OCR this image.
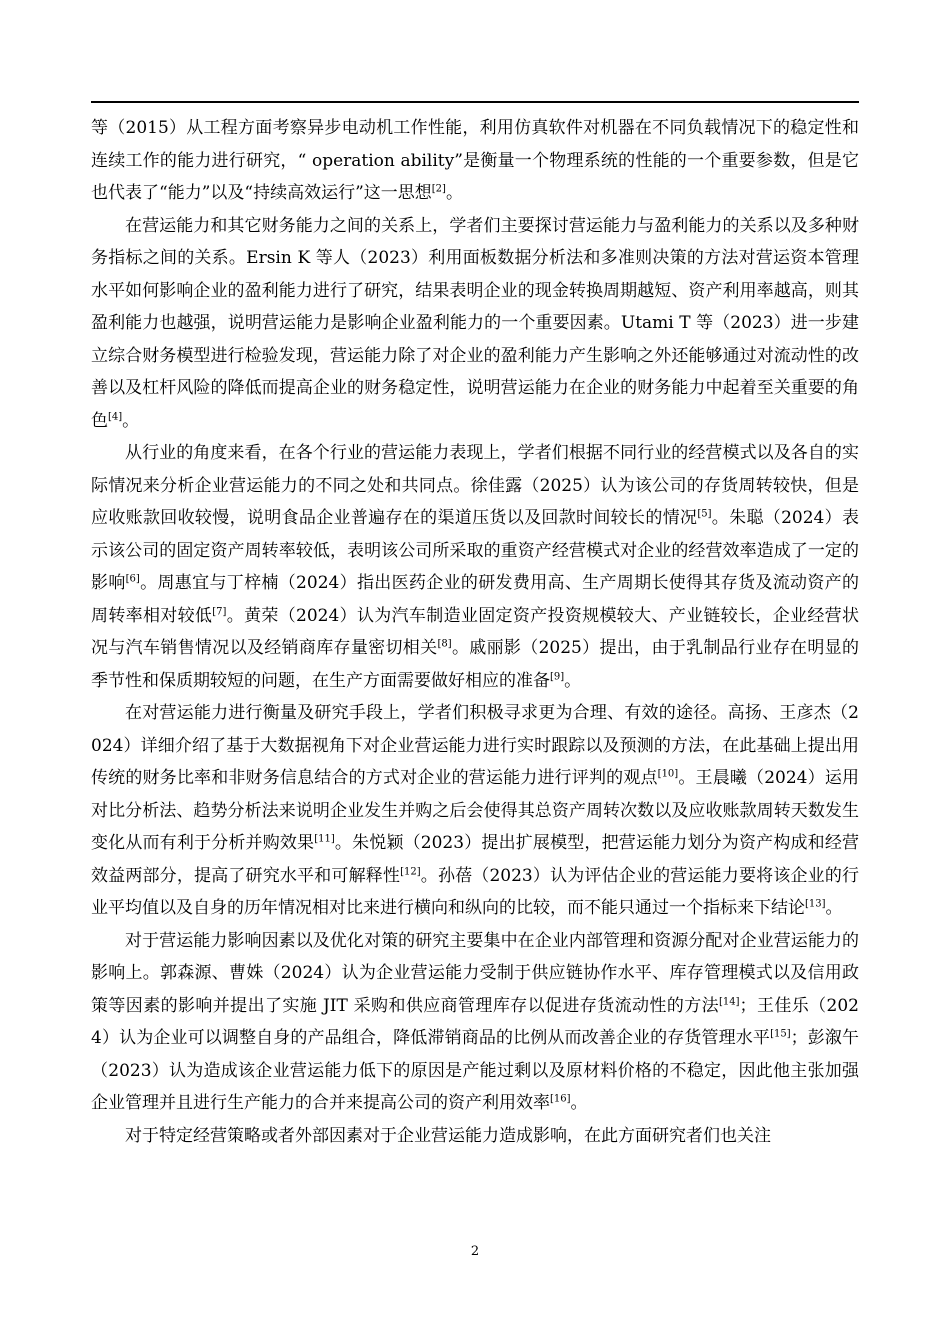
等（2015）从工程方面考察异步电动机工作性能，利用仿真软件对机器在不同负载情况下的稳定性和连续工作的能力进行研究，“ operation ability”是衡量一个物理系统的性能的一个重要参数，但是它也代表了“能力”以及“持续高效运行”这一思想[2]。

在营运能力和其它财务能力之间的关系上，学者们主要探讨营运能力与盈利能力的关系以及多种财务指标之间的关系。Ersin K 等人（2023）利用面板数据分析法和多准则决策的方法对营运资本管理水平如何影响企业的盈利能力进行了研究，结果表明企业的现金转换周期越短、资产利用率越高，则其盈利能力也越强，说明营运能力是影响企业盈利能力的一个重要因素。Utami T 等（2023）进一步建立综合财务模型进行检验发现，营运能力除了对企业的盈利能力产生影响之外还能够通过对流动性的改善以及杠杆风险的降低而提高企业的财务稳定性，说明营运能力在企业的财务能力中起着至关重要的角色[4]。

从行业的角度来看，在各个行业的营运能力表现上，学者们根据不同行业的经营模式以及各自的实际情况来分析企业营运能力的不同之处和共同点。徐佳露（2025）认为该公司的存货周转较快，但是应收账款回收较慢，说明食品企业普遍存在的渠道压货以及回款时间较长的情况[5]。朱聪（2024）表示该公司的固定资产周转率较低，表明该公司所采取的重资产经营模式对企业的经营效率造成了一定的影响[6]。周惠宜与丁梓楠（2024）指出医药企业的研发费用高、生产周期长使得其存货及流动资产的周转率相对较低[7]。黄荣（2024）认为汽车制造业固定资产投资规模较大、产业链较长，企业经营状况与汽车销售情况以及经销商库存量密切相关[8]。戚丽影（2025）提出，由于乳制品行业存在明显的季节性和保质期较短的问题，在生产方面需要做好相应的准备[9]。

在对营运能力进行衡量及研究手段上，学者们积极寻求更为合理、有效的途径。高扬、王彦杰（2024）详细介绍了基于大数据视角下对企业营运能力进行实时跟踪以及预测的方法，在此基础上提出用传统的财务比率和非财务信息结合的方式对企业的营运能力进行评判的观点[10]。王晨曦（2024）运用对比分析法、趋势分析法来说明企业发生并购之后会使得其总资产周转次数以及应收账款周转天数发生变化从而有利于分析并购效果[11]。朱悦颖（2023）提出扩展模型，把营运能力划分为资产构成和经营效益两部分，提高了研究水平和可解释性[12]。孙蓓（2023）认为评估企业的营运能力要将该企业的行业平均值以及自身的历年情况相对比来进行横向和纵向的比较，而不能只通过一个指标来下结论[13]。

对于营运能力影响因素以及优化对策的研究主要集中在企业内部管理和资源分配对企业营运能力的影响上。郭森源、曹姝（2024）认为企业营运能力受制于供应链协作水平、库存管理模式以及信用政策等因素的影响并提出了实施 JIT 采购和供应商管理库存以促进存货流动性的方法[14]；王佳乐（2024）认为企业可以调整自身的产品组合，降低滞销商品的比例从而改善企业的存货管理水平[15]；彭溆午（2023）认为造成该企业营运能力低下的原因是产能过剩以及原材料价格的不稳定，因此他主张加强企业管理并且进行生产能力的合并来提高公司的资产利用效率[16]。

对于特定经营策略或者外部因素对于企业营运能力造成影响，在此方面研究者们也关注

2
